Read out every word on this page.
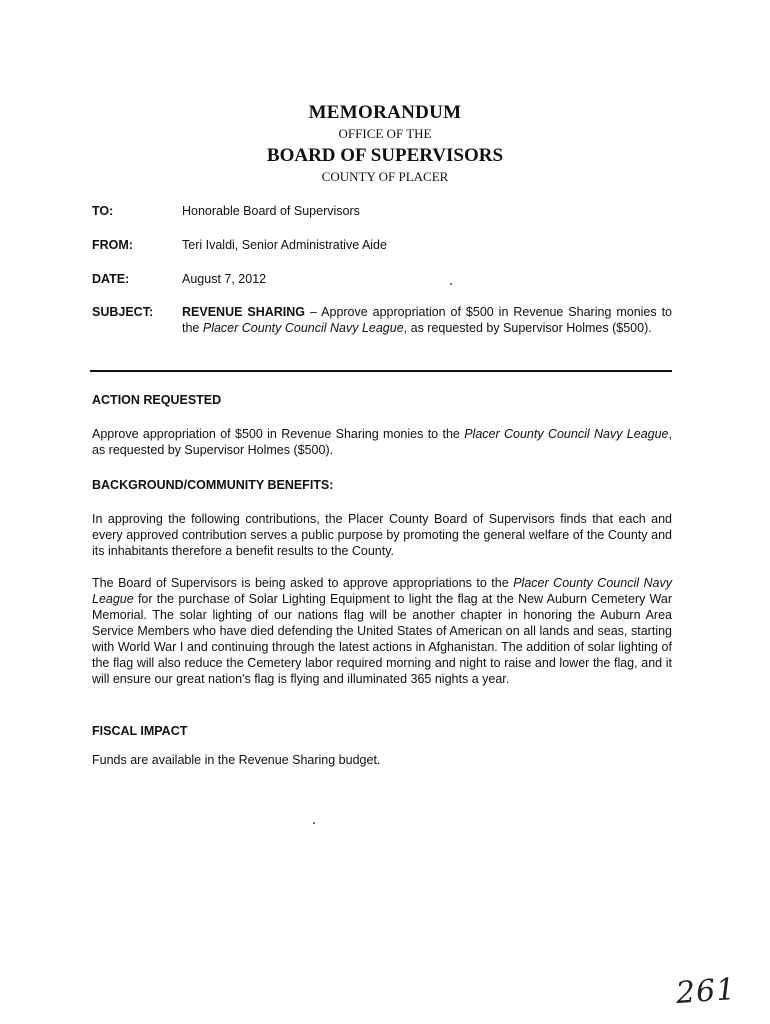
MEMORANDUM
OFFICE OF THE
BOARD OF SUPERVISORS
COUNTY OF PLACER
TO:	Honorable Board of Supervisors
FROM:	Teri Ivaldi, Senior Administrative Aide
DATE:	August 7, 2012
SUBJECT: REVENUE SHARING – Approve appropriation of $500 in Revenue Sharing monies to the Placer County Council Navy League, as requested by Supervisor Holmes ($500).
ACTION REQUESTED
Approve appropriation of $500 in Revenue Sharing monies to the Placer County Council Navy League, as requested by Supervisor Holmes ($500).
BACKGROUND/COMMUNITY BENEFITS:
In approving the following contributions, the Placer County Board of Supervisors finds that each and every approved contribution serves a public purpose by promoting the general welfare of the County and its inhabitants therefore a benefit results to the County.
The Board of Supervisors is being asked to approve appropriations to the Placer County Council Navy League for the purchase of Solar Lighting Equipment to light the flag at the New Auburn Cemetery War Memorial. The solar lighting of our nations flag will be another chapter in honoring the Auburn Area Service Members who have died defending the United States of American on all lands and seas, starting with World War I and continuing through the latest actions in Afghanistan. The addition of solar lighting of the flag will also reduce the Cemetery labor required morning and night to raise and lower the flag, and it will ensure our great nation's flag is flying and illuminated 365 nights a year.
FISCAL IMPACT
Funds are available in the Revenue Sharing budget.
261
